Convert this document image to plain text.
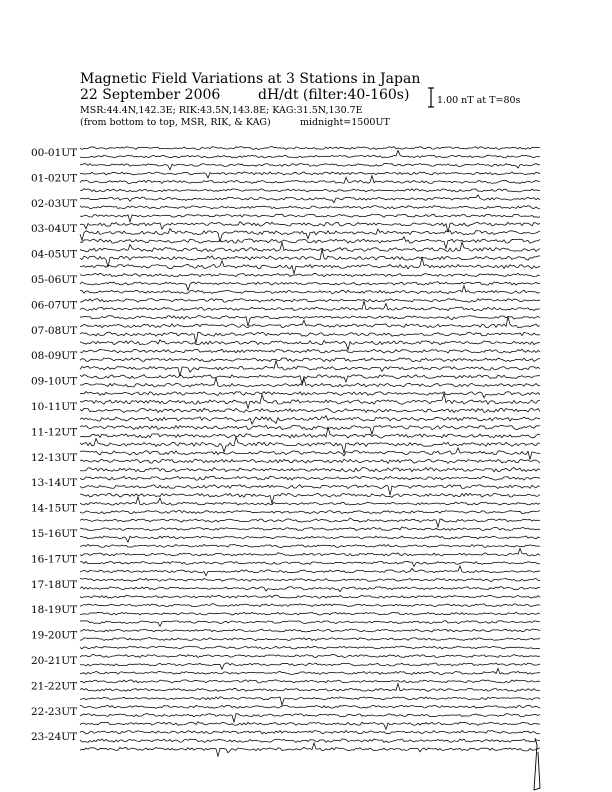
Magnetic Field Variations at 3 Stations in Japan
22 September 2006	dH/dt (filter:40-160s)
MSR:44.4N,142.3E; RIK:43.5N,143.8E; KAG:31.5N,130.7E
(from bottom to top, MSR, RIK, & KAG)	midnight=1500UT
1.00 nT at T=80s
00-01UT
01-02UT
02-03UT
03-04UT
04-05UT
05-06UT
06-07UT
07-08UT
08-09UT
09-10UT
10-11UT
11-12UT
12-13UT
13-14UT
14-15UT
15-16UT
16-17UT
17-18UT
18-19UT
19-20UT
20-21UT
21-22UT
22-23UT
23-24UT
